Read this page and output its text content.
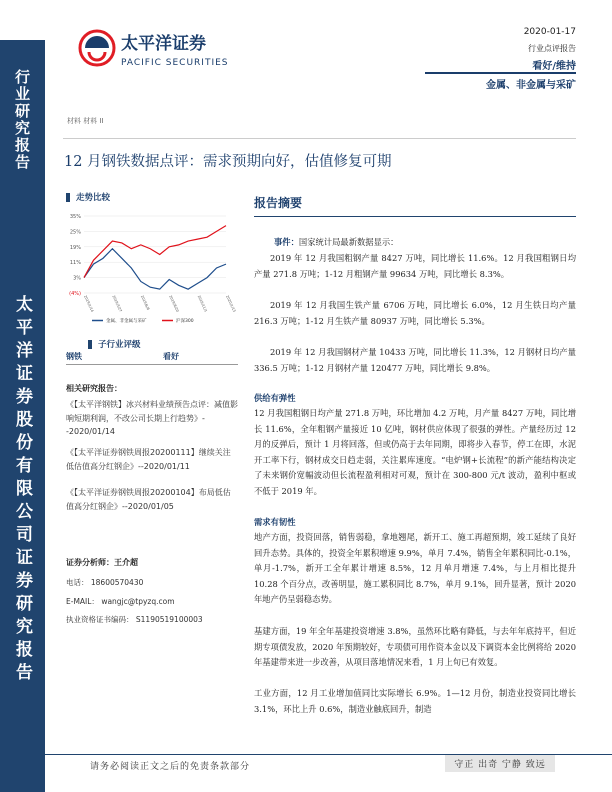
行业研究报告
太平洋证券股份有限公司证券研究报告
太平洋证券
PACIFIC SECURITIES
2020-01-17
行业点评报告
看好/维持
金属、非金属与采矿
材料 材料 II
12 月钢铁数据点评：需求预期向好，估值修复可期
走势比较
35%
25%
19%
11%
3%
(4%)
2019/1/14	2019/3/27	2019/6/8	2019/8/20	2019/11/1	2020/1/13
金属、非金属与采矿	沪深300
子行业评级
钢铁	看好
相关研究报告：
《【太平洋钢铁】冰兴材料业绩预告点评：减值影响短期利润，不改公司长期上行趋势》--2020/01/14
《【太平洋证券钢铁周报20200111】继续关注低估值高分红钢企》--2020/01/11
《【太平洋证券钢铁周报20200104】布局低估值高分红钢企》--2020/01/05
证券分析师：王介超
电话： 18600570430
E-MAIL： wangjc@tpyzq.com
执业资格证书编码： S1190519100003
报告摘要
事件：国家统计局最新数据显示：
2019 年 12 月我国粗钢产量 8427 万吨，同比增长 11.6%。12 月我国粗钢日均产量 271.8 万吨；1-12 月粗钢产量 99634 万吨，同比增长 8.3%。
2019 年 12 月我国生铁产量 6706 万吨，同比增长 6.0%，12 月生铁日均产量 216.3 万吨；1-12 月生铁产量 80937 万吨，同比增长 5.3%。
2019 年 12 月我国钢材产量 10433 万吨，同比增长 11.3%，12 月钢材日均产量 336.5 万吨；1-12 月钢材产量 120477 万吨，同比增长 9.8%。
供给有弹性
12 月我国粗钢日均产量 271.8 万吨，环比增加 4.2 万吨，月产量 8427 万吨，同比增长 11.6%，全年粗钢产量接近 10 亿吨，钢材供应体现了很强的弹性。产量经历过 12 月的反弹后，预计 1 月将回落，但或仍高于去年同期，即将步入春节，停工在即，水泥开工率下行，钢材成交日趋走弱，关注累库速度。“电炉钢+长流程”的新产能结构决定了未来钢价宽幅波动但长流程盈利相对可观，预计在 300-800 元/t 波动，盈利中枢或不低于 2019 年。
需求有韧性
地产方面，投资回落，销售弱稳，拿地翘尾，新开工、施工再超预期，竣工延续了良好回升态势。具体的，投资全年累积增速 9.9%，单月 7.4%，销售全年累积同比-0.1%，单月-1.7%，新开工全年累计增速 8.5%，12 月单月增速 7.4%，与上月相比提升 10.28 个百分点，改善明显，施工累积同比 8.7%，单月 9.1%，回升显著，预计 2020 年地产仍呈弱稳态势。
基建方面，19 年全年基建投资增速 3.8%，虽然环比略有降低，与去年年底持平，但近期专项债发放，2020 年预期较好，专项债可用作资本金以及下调资本金比例将给 2020 年基建带来进一步改善，从项目落地情况来看，1 月上旬已有效复。
工业方面，12 月工业增加值同比实际增长 6.9%。1—12 月份，制造业投资同比增长 3.1%，环比上升 0.6%，制造业触底回升，制造
请务必阅读正文之后的免责条款部分	守正 出奇 宁静 致远
